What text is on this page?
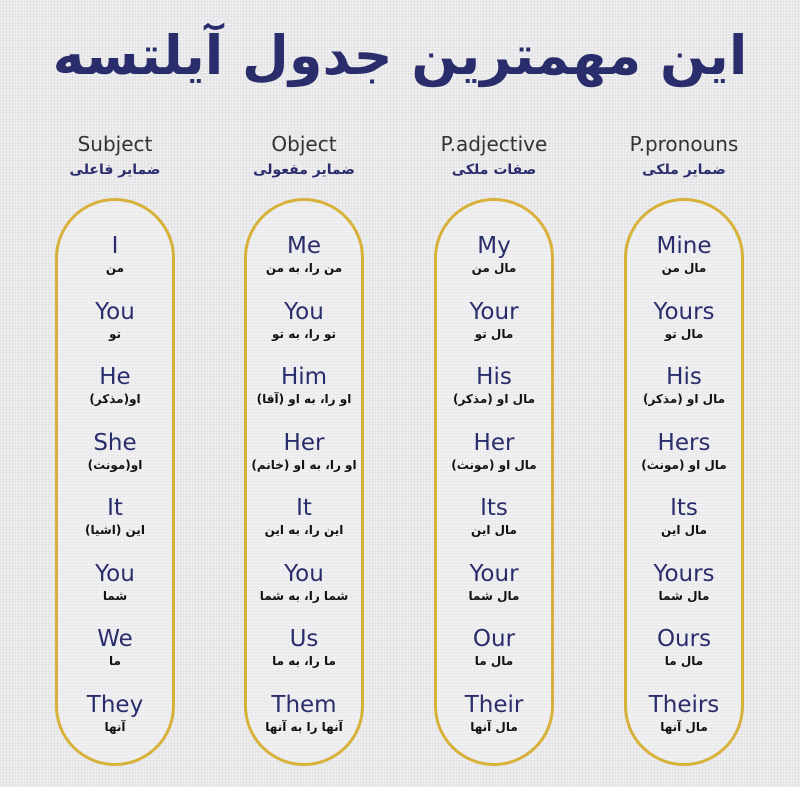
این مهمترین جدول آیلتسه
Subject
ضمایر فاعلی
Object
ضمایر مفعولی
P.adjective
صفات ملکی
P.pronouns
ضمایر ملکی
I
من
You
تو
He
او(مذکر)
She
او(مونث)
It
این (اشیا)
You
شما
We
ما
They
آنها
Me
من را، به من
You
تو را، به تو
Him
او را، به او (آقا)
Her
او را، به او (خانم)
It
این را، به این
You
شما را، به شما
Us
ما را، به ما
Them
آنها را به آنها
My
مال من
Your
مال تو
His
مال او (مذکر)
Her
مال او (مونث)
Its
مال این
Your
مال شما
Our
مال ما
Their
مال آنها
Mine
مال من
Yours
مال تو
His
مال او (مذکر)
Hers
مال او (مونث)
Its
مال این
Yours
مال شما
Ours
مال ما
Theirs
مال آنها
